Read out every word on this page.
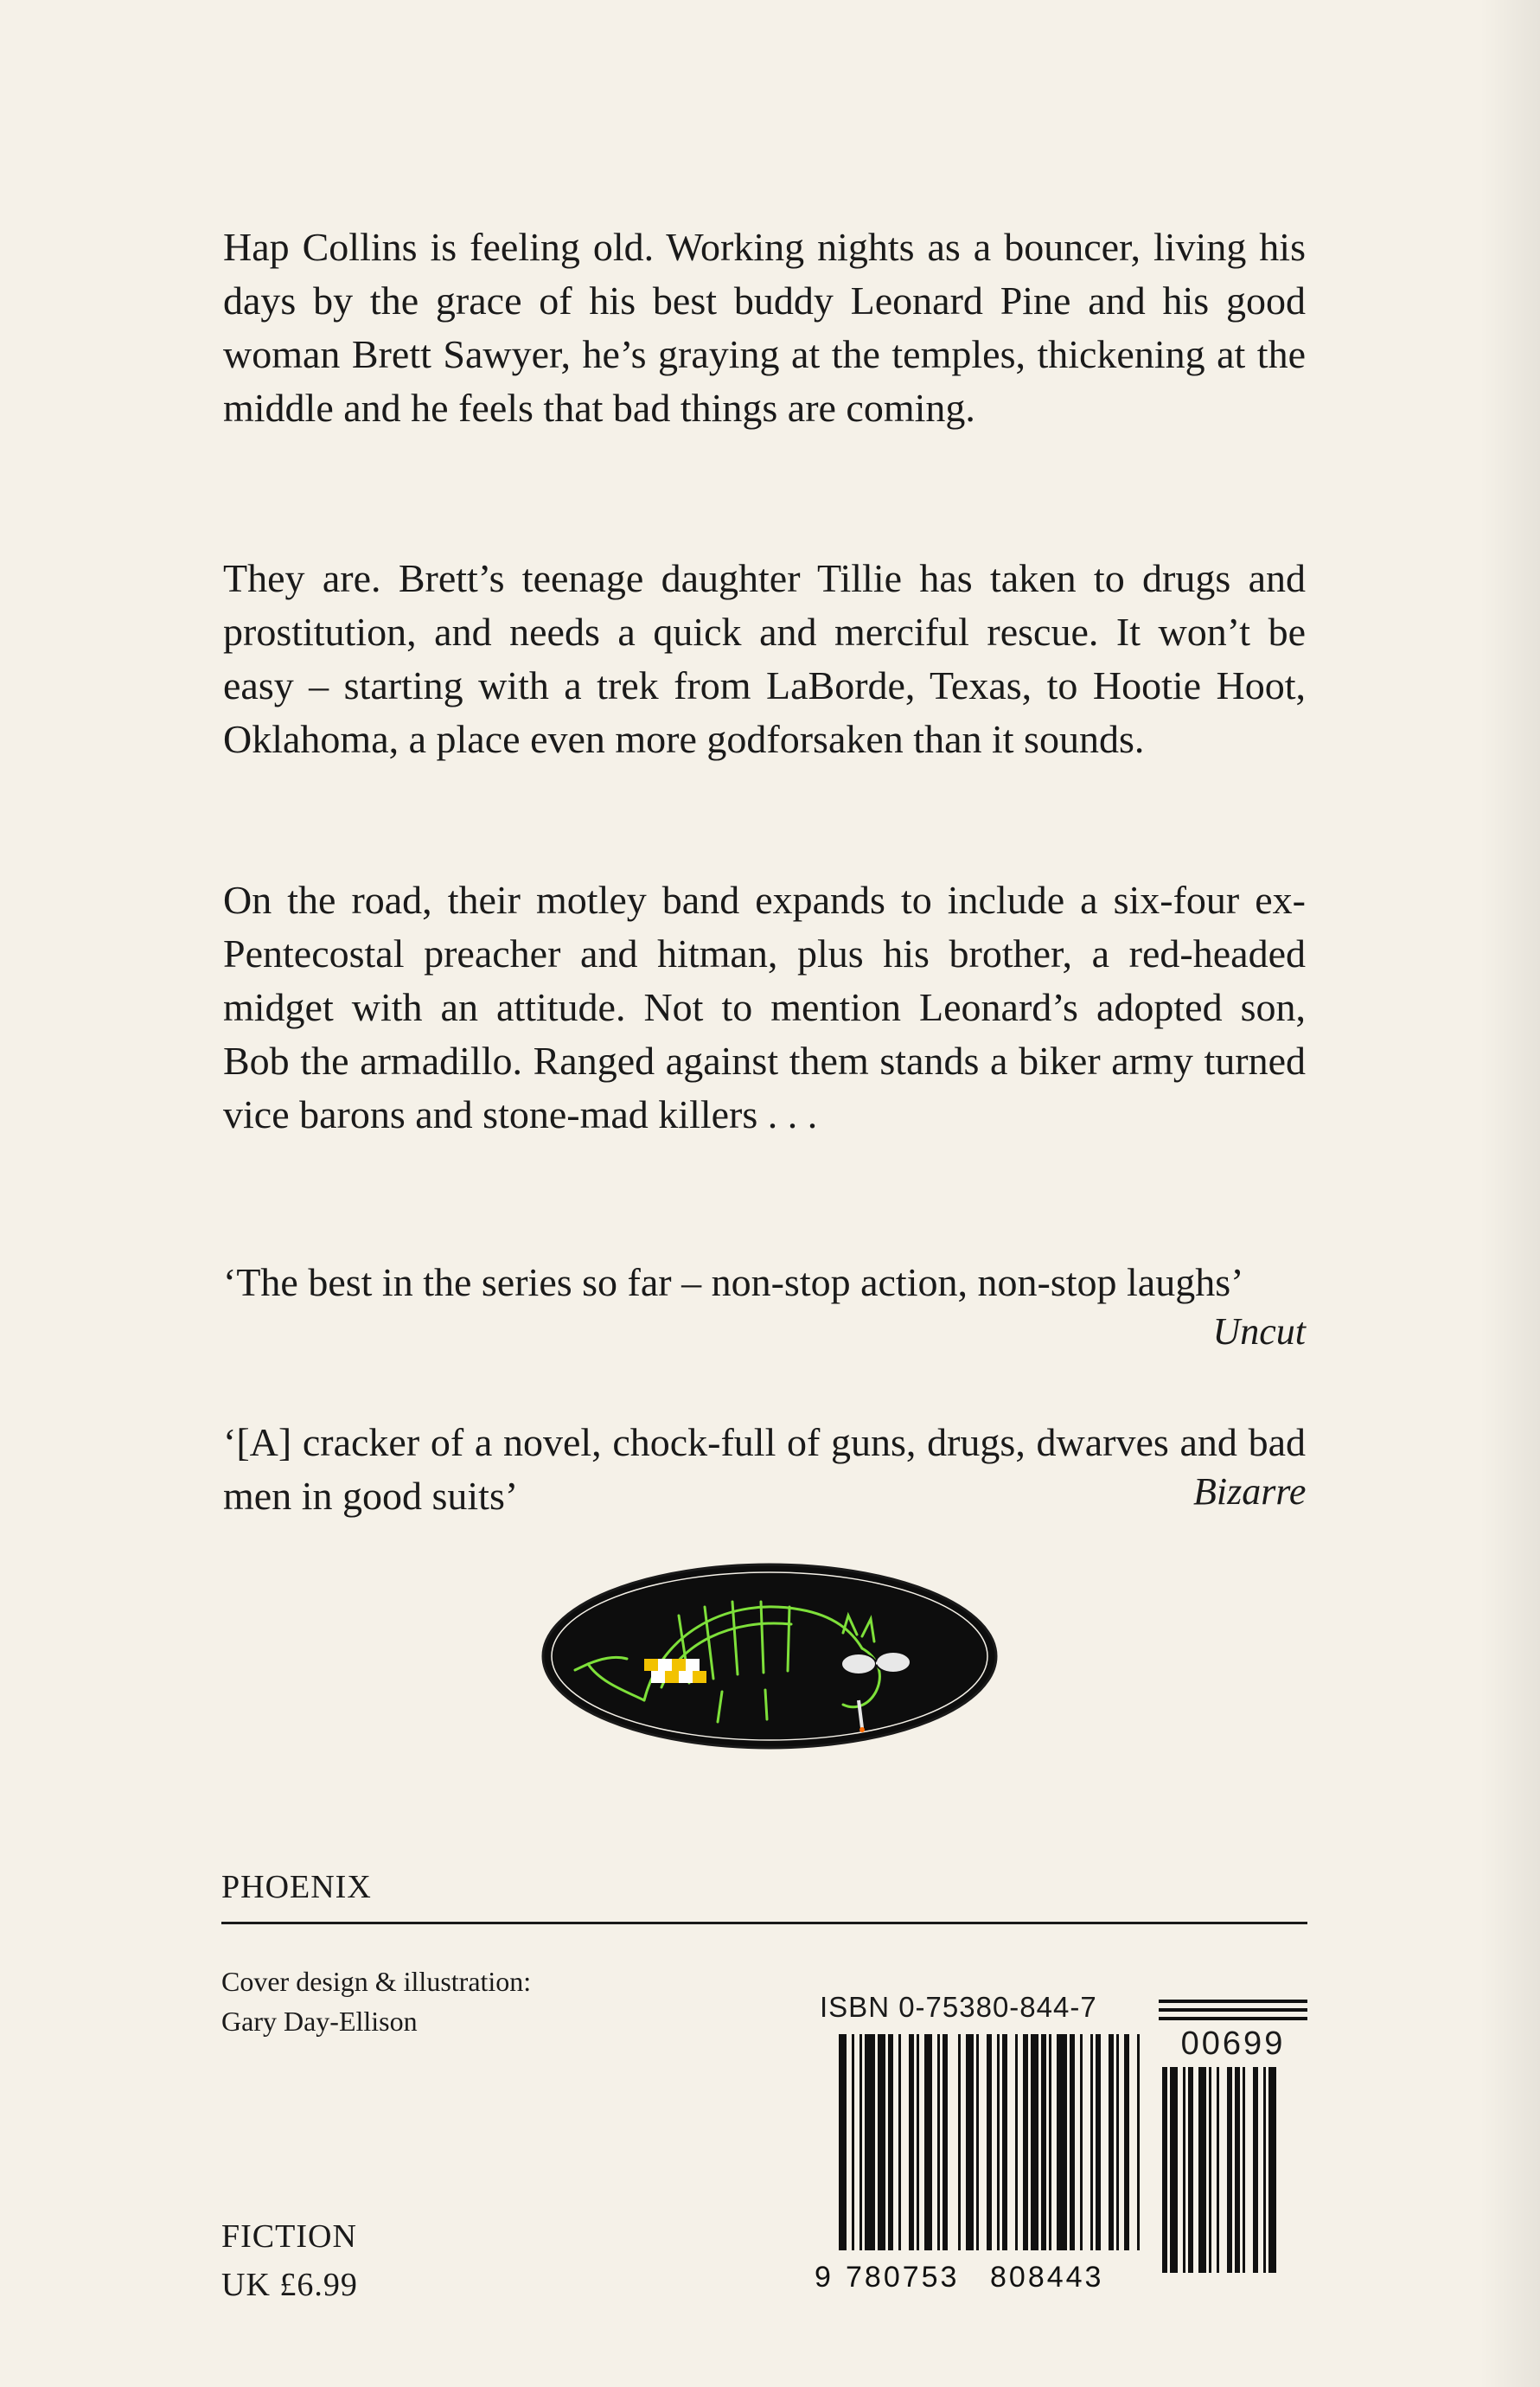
Hap Collins is feeling old. Working nights as a bouncer, living his days by the grace of his best buddy Leonard Pine and his good woman Brett Sawyer, he’s graying at the temples, thickening at the middle and he feels that bad things are coming.

They are. Brett’s teenage daughter Tillie has taken to drugs and prostitution, and needs a quick and merciful rescue. It won’t be easy – starting with a trek from LaBorde, Texas, to Hootie Hoot, Oklahoma, a place even more godforsaken than it sounds.

On the road, their motley band expands to include a six-four ex-Pentecostal preacher and hitman, plus his brother, a red-headed midget with an attitude. Not to mention Leonard’s adopted son, Bob the armadillo. Ranged against them stands a biker army turned vice barons and stone-mad killers . . .

‘The best in the series so far – non-stop action, non-stop laughs’
Uncut
‘[A] cracker of a novel, chock-full of guns, drugs, dwarves and bad men in good suits’	Bizarre
PHOENIX
Cover design & illustration:
Gary Day-Ellison
FICTION
UK £6.99
ISBN 0-75380-844-7
9 780753 808443
00699
